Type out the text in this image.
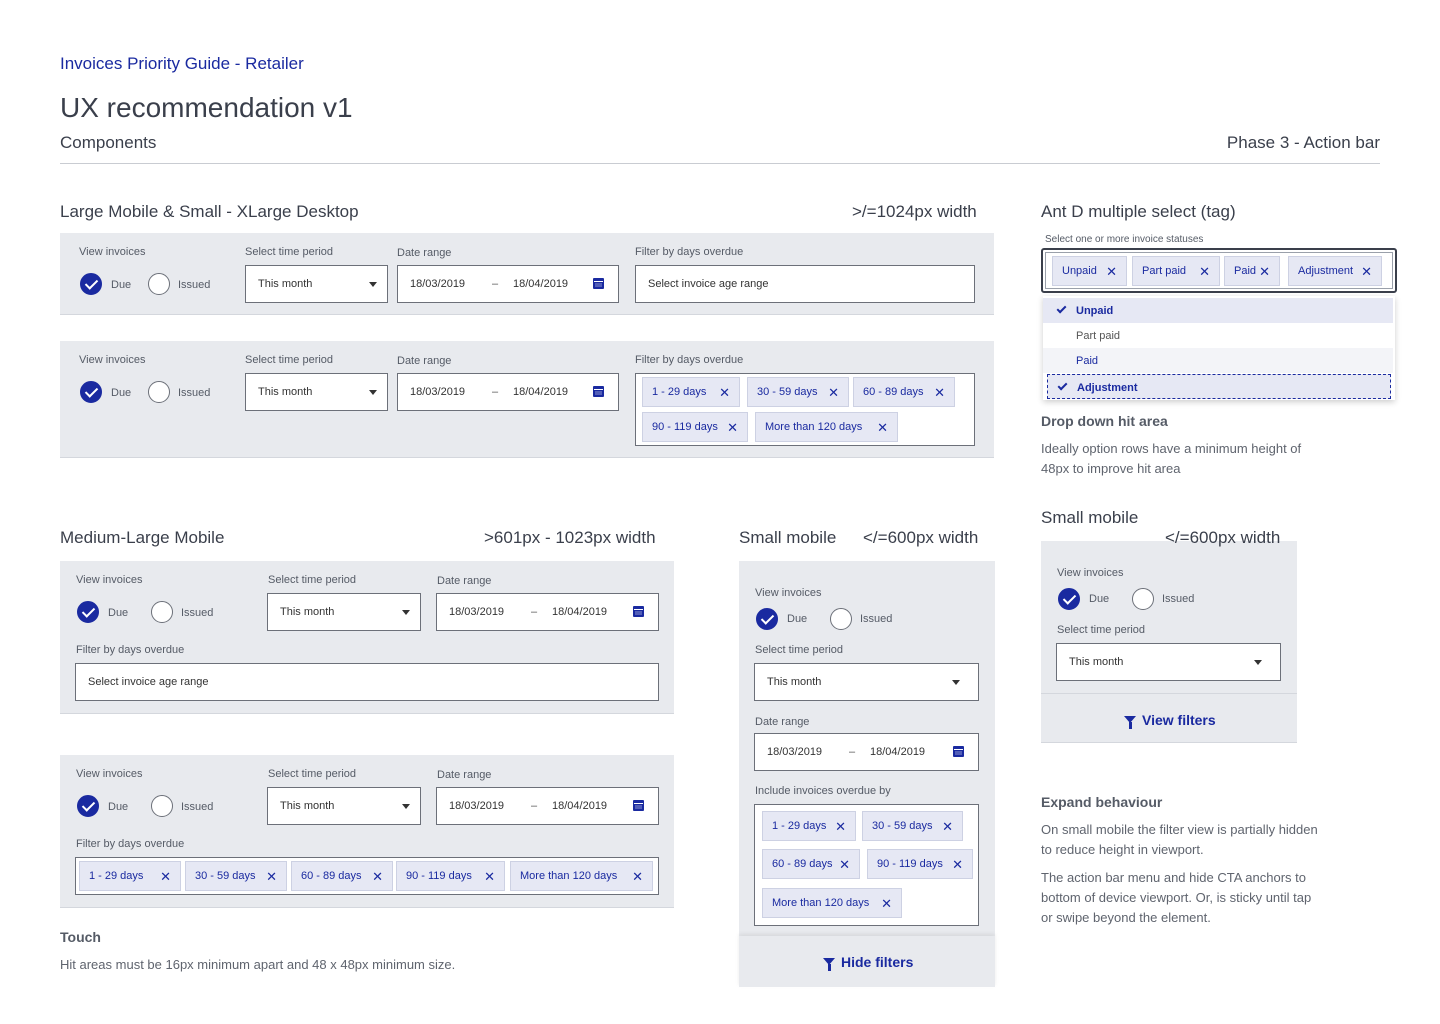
Invoices Priority Guide - Retailer
UX recommendation v1
Components	Phase 3 - Action bar
Large Mobile & Small - XLarge Desktop	>/=1024px width
View invoices
Due	Issued
Select time period
This month
Date range
18/03/2019 – 18/04/2019
Filter by days overdue
Select invoice age range
View invoices
Due	Issued
Select time period
This month
Date range
18/03/2019 – 18/04/2019
Filter by days overdue
1 - 29 days ✕ 30 - 59 days ✕ 60 - 89 days ✕
90 - 119 days ✕ More than 120 days ✕
Ant D multiple select (tag)
Select one or more invoice statuses
Unpaid ✕ Part paid ✕ Paid ✕	Adjustment ✕
Unpaid
Part paid
Paid
Adjustment
Drop down hit area
Ideally option rows have a minimum height of 48px to improve hit area
Medium-Large Mobile	>601px - 1023px width
View invoices
Due	Issued
Select time period
This month
Date range
18/03/2019 – 18/04/2019
Filter by days overdue
Select invoice age range
View invoices
Due	Issued
Select time period
This month
Date range
18/03/2019 – 18/04/2019
Filter by days overdue
1 - 29 days ✕ 30 - 59 days ✕ 60 - 89 days ✕ 90 - 119 days ✕ More than 120 days ✕
Touch
Hit areas must be 16px minimum apart and 48 x 48px minimum size.
Small mobile </=600px width
View invoices
Due	Issued
Select time period
This month
Date range
18/03/2019 – 18/04/2019
Include invoices overdue by
1 - 29 days ✕ 30 - 59 days ✕
60 - 89 days ✕ 90 - 119 days ✕
More than 120 days ✕
Hide filters
Small mobile
</=600px width
View invoices
Due	Issued
Select time period
This month
View filters
Expand behaviour
On small mobile the filter view is partially hidden to reduce height in viewport.
The action bar menu and hide CTA anchors to bottom of device viewport. Or, is sticky until tap or swipe beyond the element.
